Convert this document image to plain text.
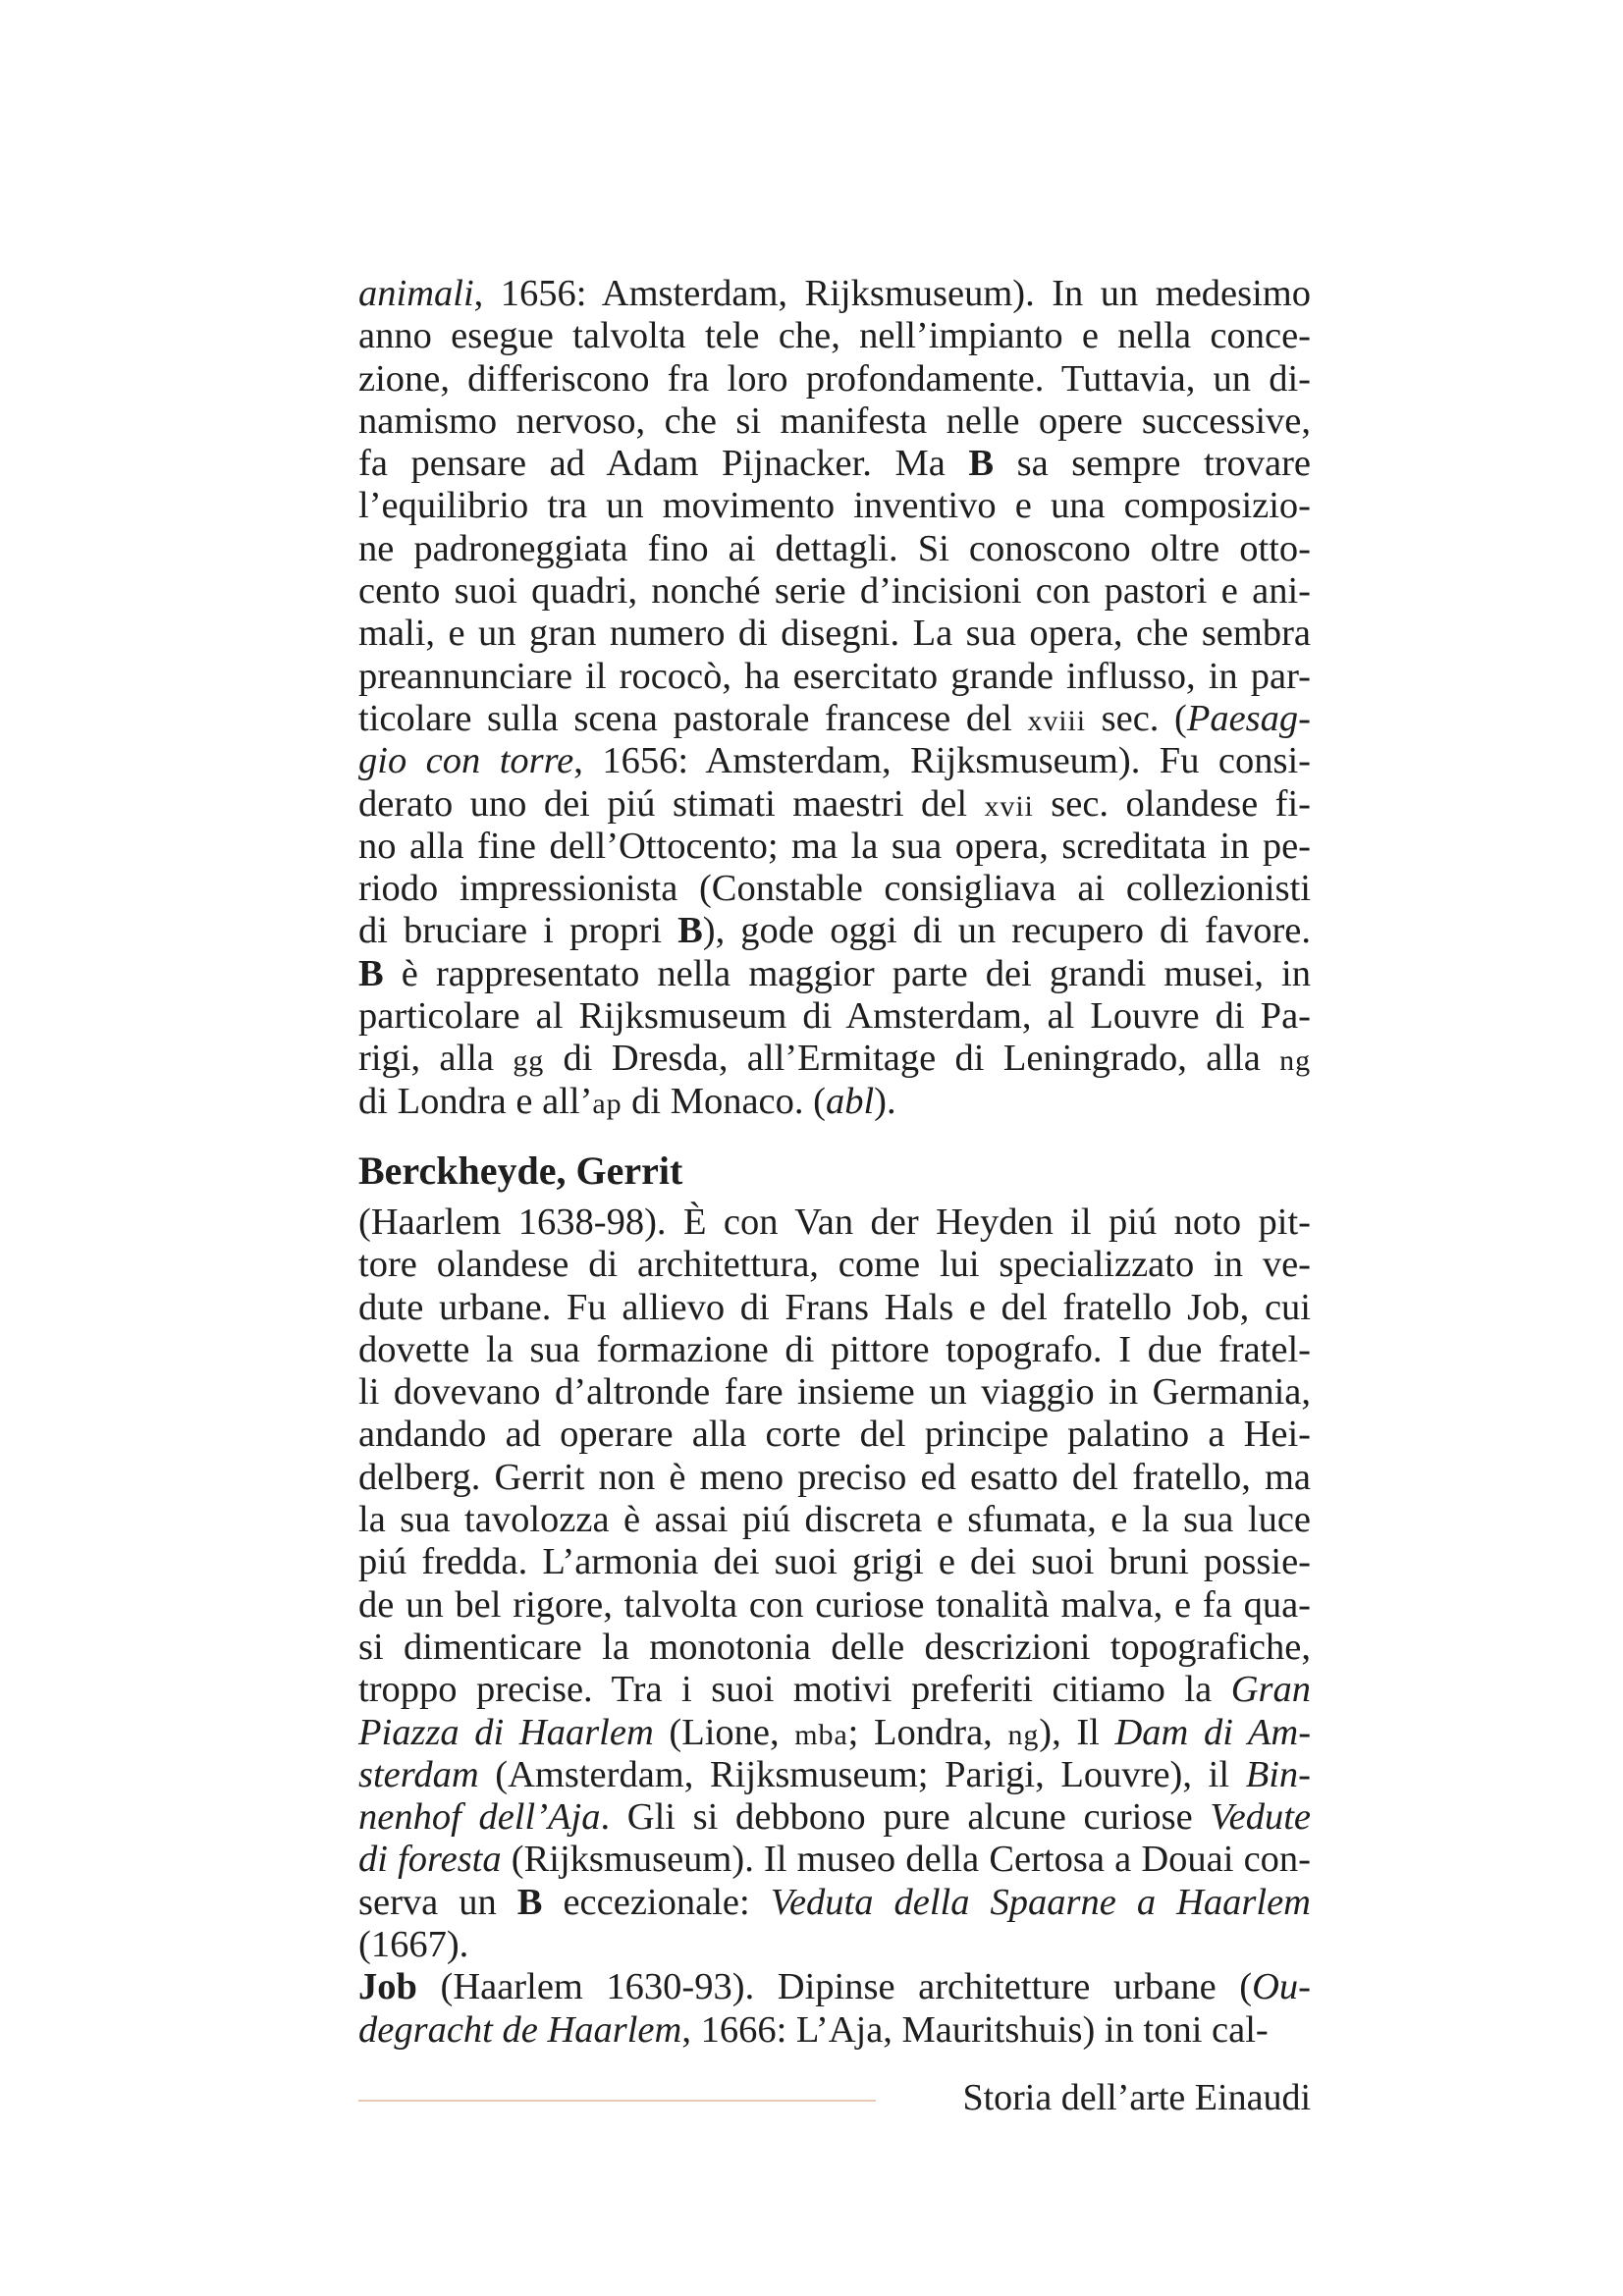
animali, 1656: Amsterdam, Rijksmuseum). In un medesimo
anno esegue talvolta tele che, nell’impianto e nella conce-
zione, differiscono fra loro profondamente. Tuttavia, un di-
namismo nervoso, che si manifesta nelle opere successive,
fa pensare ad Adam Pijnacker. Ma B sa sempre trovare
l’equilibrio tra un movimento inventivo e una composizio-
ne padroneggiata fino ai dettagli. Si conoscono oltre otto-
cento suoi quadri, nonché serie d’incisioni con pastori e ani-
mali, e un gran numero di disegni. La sua opera, che sembra
preannunciare il rococò, ha esercitato grande influsso, in par-
ticolare sulla scena pastorale francese del xviii sec. (Paesag-
gio con torre, 1656: Amsterdam, Rijksmuseum). Fu consi-
derato uno dei piú stimati maestri del xvii sec. olandese fi-
no alla fine dell’Ottocento; ma la sua opera, screditata in pe-
riodo impressionista (Constable consigliava ai collezionisti
di bruciare i propri B), gode oggi di un recupero di favore.
B è rappresentato nella maggior parte dei grandi musei, in
particolare al Rijksmuseum di Amsterdam, al Louvre di Pa-
rigi, alla gg di Dresda, all’Ermitage di Leningrado, alla ng
di Londra e all’ap di Monaco. (abl).
Berckheyde, Gerrit
(Haarlem 1638-98). È con Van der Heyden il piú noto pit-
tore olandese di architettura, come lui specializzato in ve-
dute urbane. Fu allievo di Frans Hals e del fratello Job, cui
dovette la sua formazione di pittore topografo. I due fratel-
li dovevano d’altronde fare insieme un viaggio in Germania,
andando ad operare alla corte del principe palatino a Hei-
delberg. Gerrit non è meno preciso ed esatto del fratello, ma
la sua tavolozza è assai piú discreta e sfumata, e la sua luce
piú fredda. L’armonia dei suoi grigi e dei suoi bruni possie-
de un bel rigore, talvolta con curiose tonalità malva, e fa qua-
si dimenticare la monotonia delle descrizioni topografiche,
troppo precise. Tra i suoi motivi preferiti citiamo la Gran
Piazza di Haarlem (Lione, mba; Londra, ng), Il Dam di Am-
sterdam (Amsterdam, Rijksmuseum; Parigi, Louvre), il Bin-
nenhof dell’Aja. Gli si debbono pure alcune curiose Vedute
di foresta (Rijksmuseum). Il museo della Certosa a Douai con-
serva un B eccezionale: Veduta della Spaarne a Haarlem
(1667).
Job (Haarlem 1630-93). Dipinse architetture urbane (Ou-
degracht de Haarlem, 1666: L’Aja, Mauritshuis) in toni cal-
Storia dell’arte Einaudi
